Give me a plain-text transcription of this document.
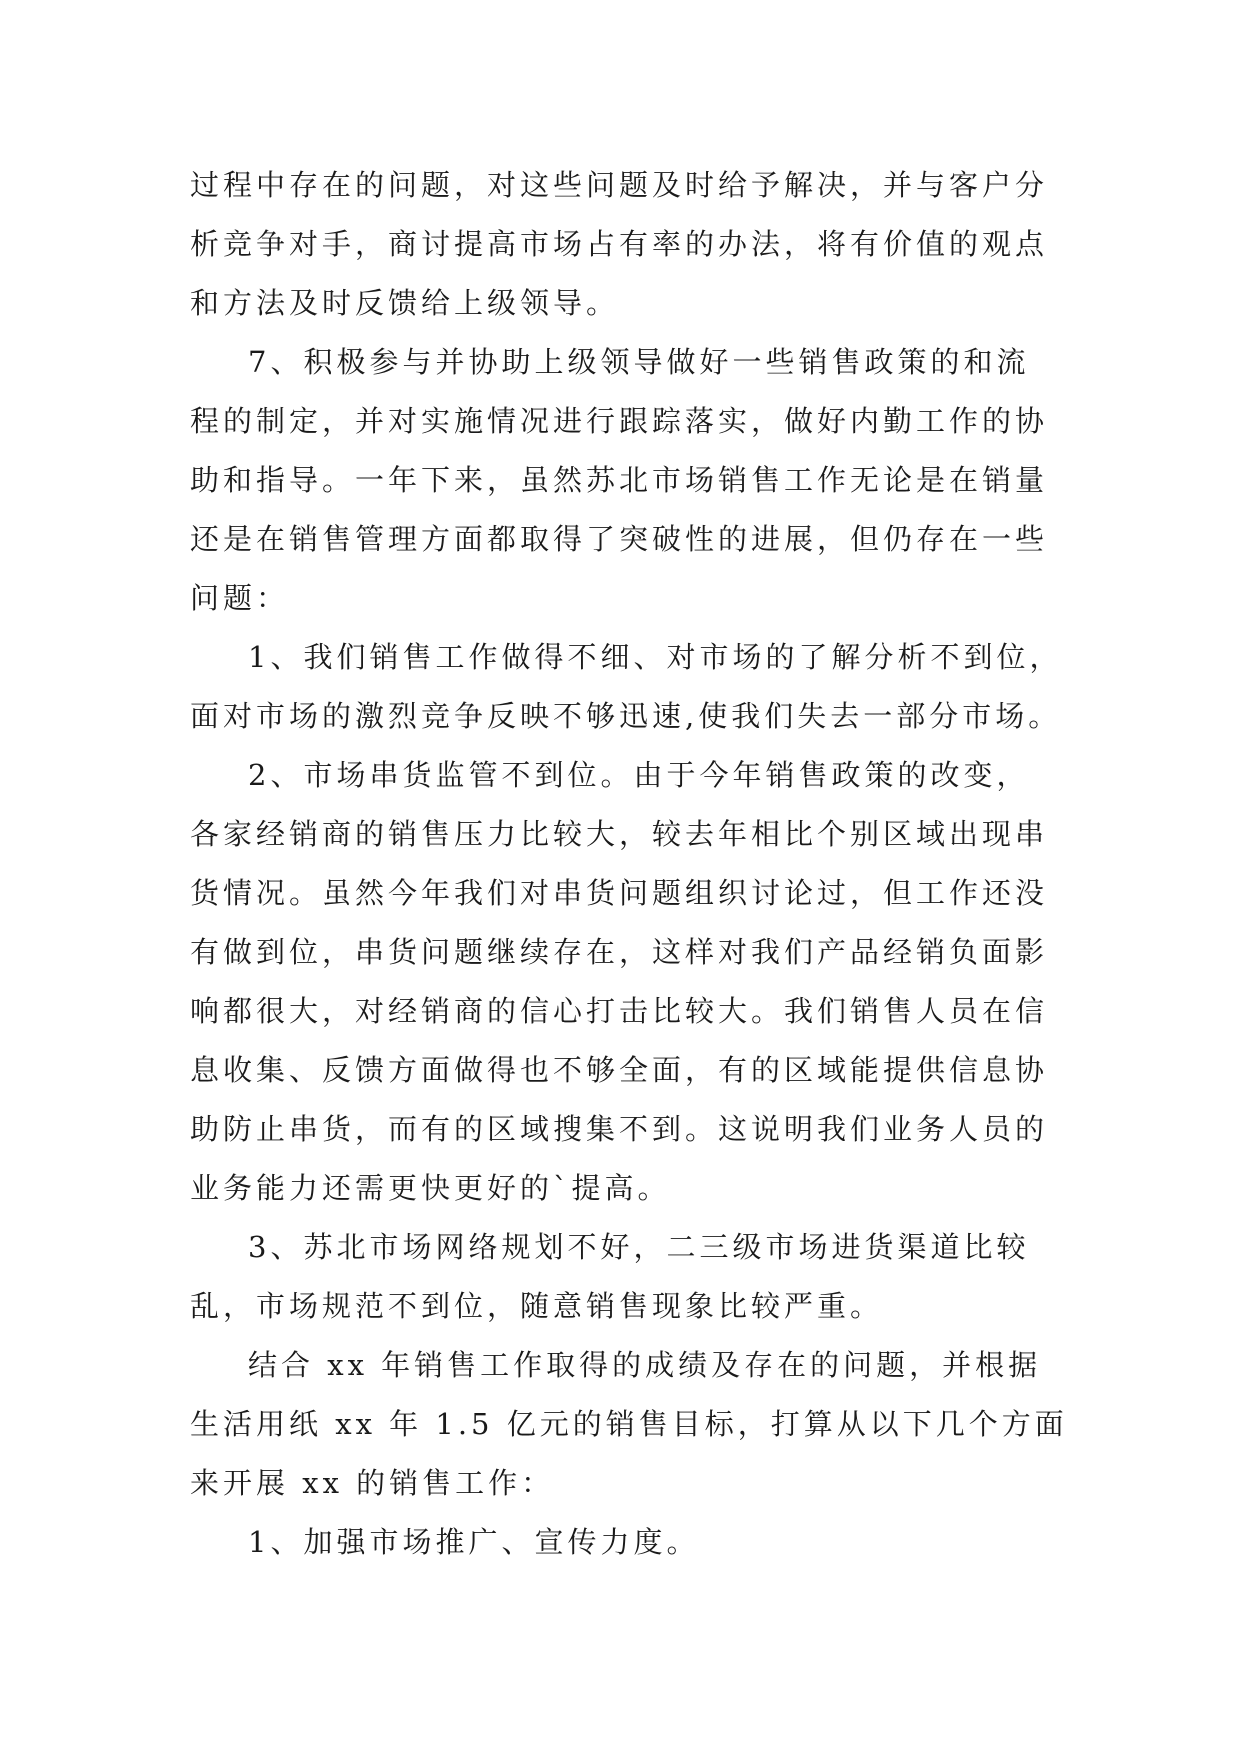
过程中存在的问题，对这些问题及时给予解决，并与客户分
析竞争对手，商讨提高市场占有率的办法，将有价值的观点
和方法及时反馈给上级领导。
7、积极参与并协助上级领导做好一些销售政策的和流
程的制定，并对实施情况进行跟踪落实，做好内勤工作的协
助和指导。一年下来，虽然苏北市场销售工作无论是在销量
还是在销售管理方面都取得了突破性的进展，但仍存在一些
问题：
1、我们销售工作做得不细、对市场的了解分析不到位，
面对市场的激烈竞争反映不够迅速,使我们失去一部分市场。
2、市场串货监管不到位。由于今年销售政策的改变，
各家经销商的销售压力比较大，较去年相比个别区域出现串
货情况。虽然今年我们对串货问题组织讨论过，但工作还没
有做到位，串货问题继续存在，这样对我们产品经销负面影
响都很大，对经销商的信心打击比较大。我们销售人员在信
息收集、反馈方面做得也不够全面，有的区域能提供信息协
助防止串货，而有的区域搜集不到。这说明我们业务人员的
业务能力还需更快更好的`提高。
3、苏北市场网络规划不好，二三级市场进货渠道比较
乱，市场规范不到位，随意销售现象比较严重。
结合 xx 年销售工作取得的成绩及存在的问题，并根据
生活用纸 xx 年 1.5 亿元的销售目标，打算从以下几个方面
来开展 xx 的销售工作：
1、加强市场推广、宣传力度。
